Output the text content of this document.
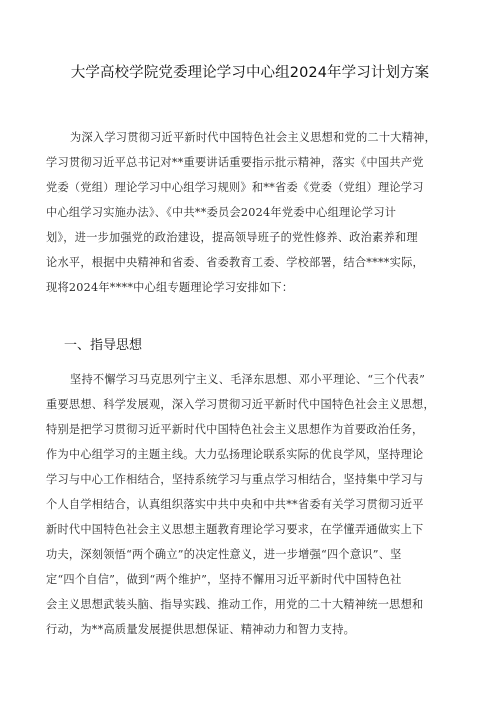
大学高校学院党委理论学习中心组2024年学习计划方案
为深入学习贯彻习近平新时代中国特色社会主义思想和党的二十大精神，
学习贯彻习近平总书记对**重要讲话重要指示批示精神，落实《中国共产党
党委（党组）理论学习中心组学习规则》和**省委《党委（党组）理论学习
中心组学习实施办法》、《中共**委员会2024年党委中心组理论学习计
划》，进一步加强党的政治建设，提高领导班子的党性修养、政治素养和理
论水平，根据中央精神和省委、省委教育工委、学校部署，结合****实际，
现将2024年****中心组专题理论学习安排如下：
一、指导思想
坚持不懈学习马克思列宁主义、毛泽东思想、邓小平理论、“三个代表”
重要思想、科学发展观，深入学习贯彻习近平新时代中国特色社会主义思想，
特别是把学习贯彻习近平新时代中国特色社会主义思想作为首要政治任务，
作为中心组学习的主题主线。大力弘扬理论联系实际的优良学风，坚持理论
学习与中心工作相结合，坚持系统学习与重点学习相结合，坚持集中学习与
个人自学相结合，认真组织落实中共中央和中共**省委有关学习贯彻习近平
新时代中国特色社会主义思想主题教育理论学习要求，在学懂弄通做实上下
功夫，深刻领悟“两个确立”的决定性意义，进一步增强“四个意识”、坚
定“四个自信”，做到“两个维护”，坚持不懈用习近平新时代中国特色社
会主义思想武装头脑、指导实践、推动工作，用党的二十大精神统一思想和
行动，为**高质量发展提供思想保证、精神动力和智力支持。
